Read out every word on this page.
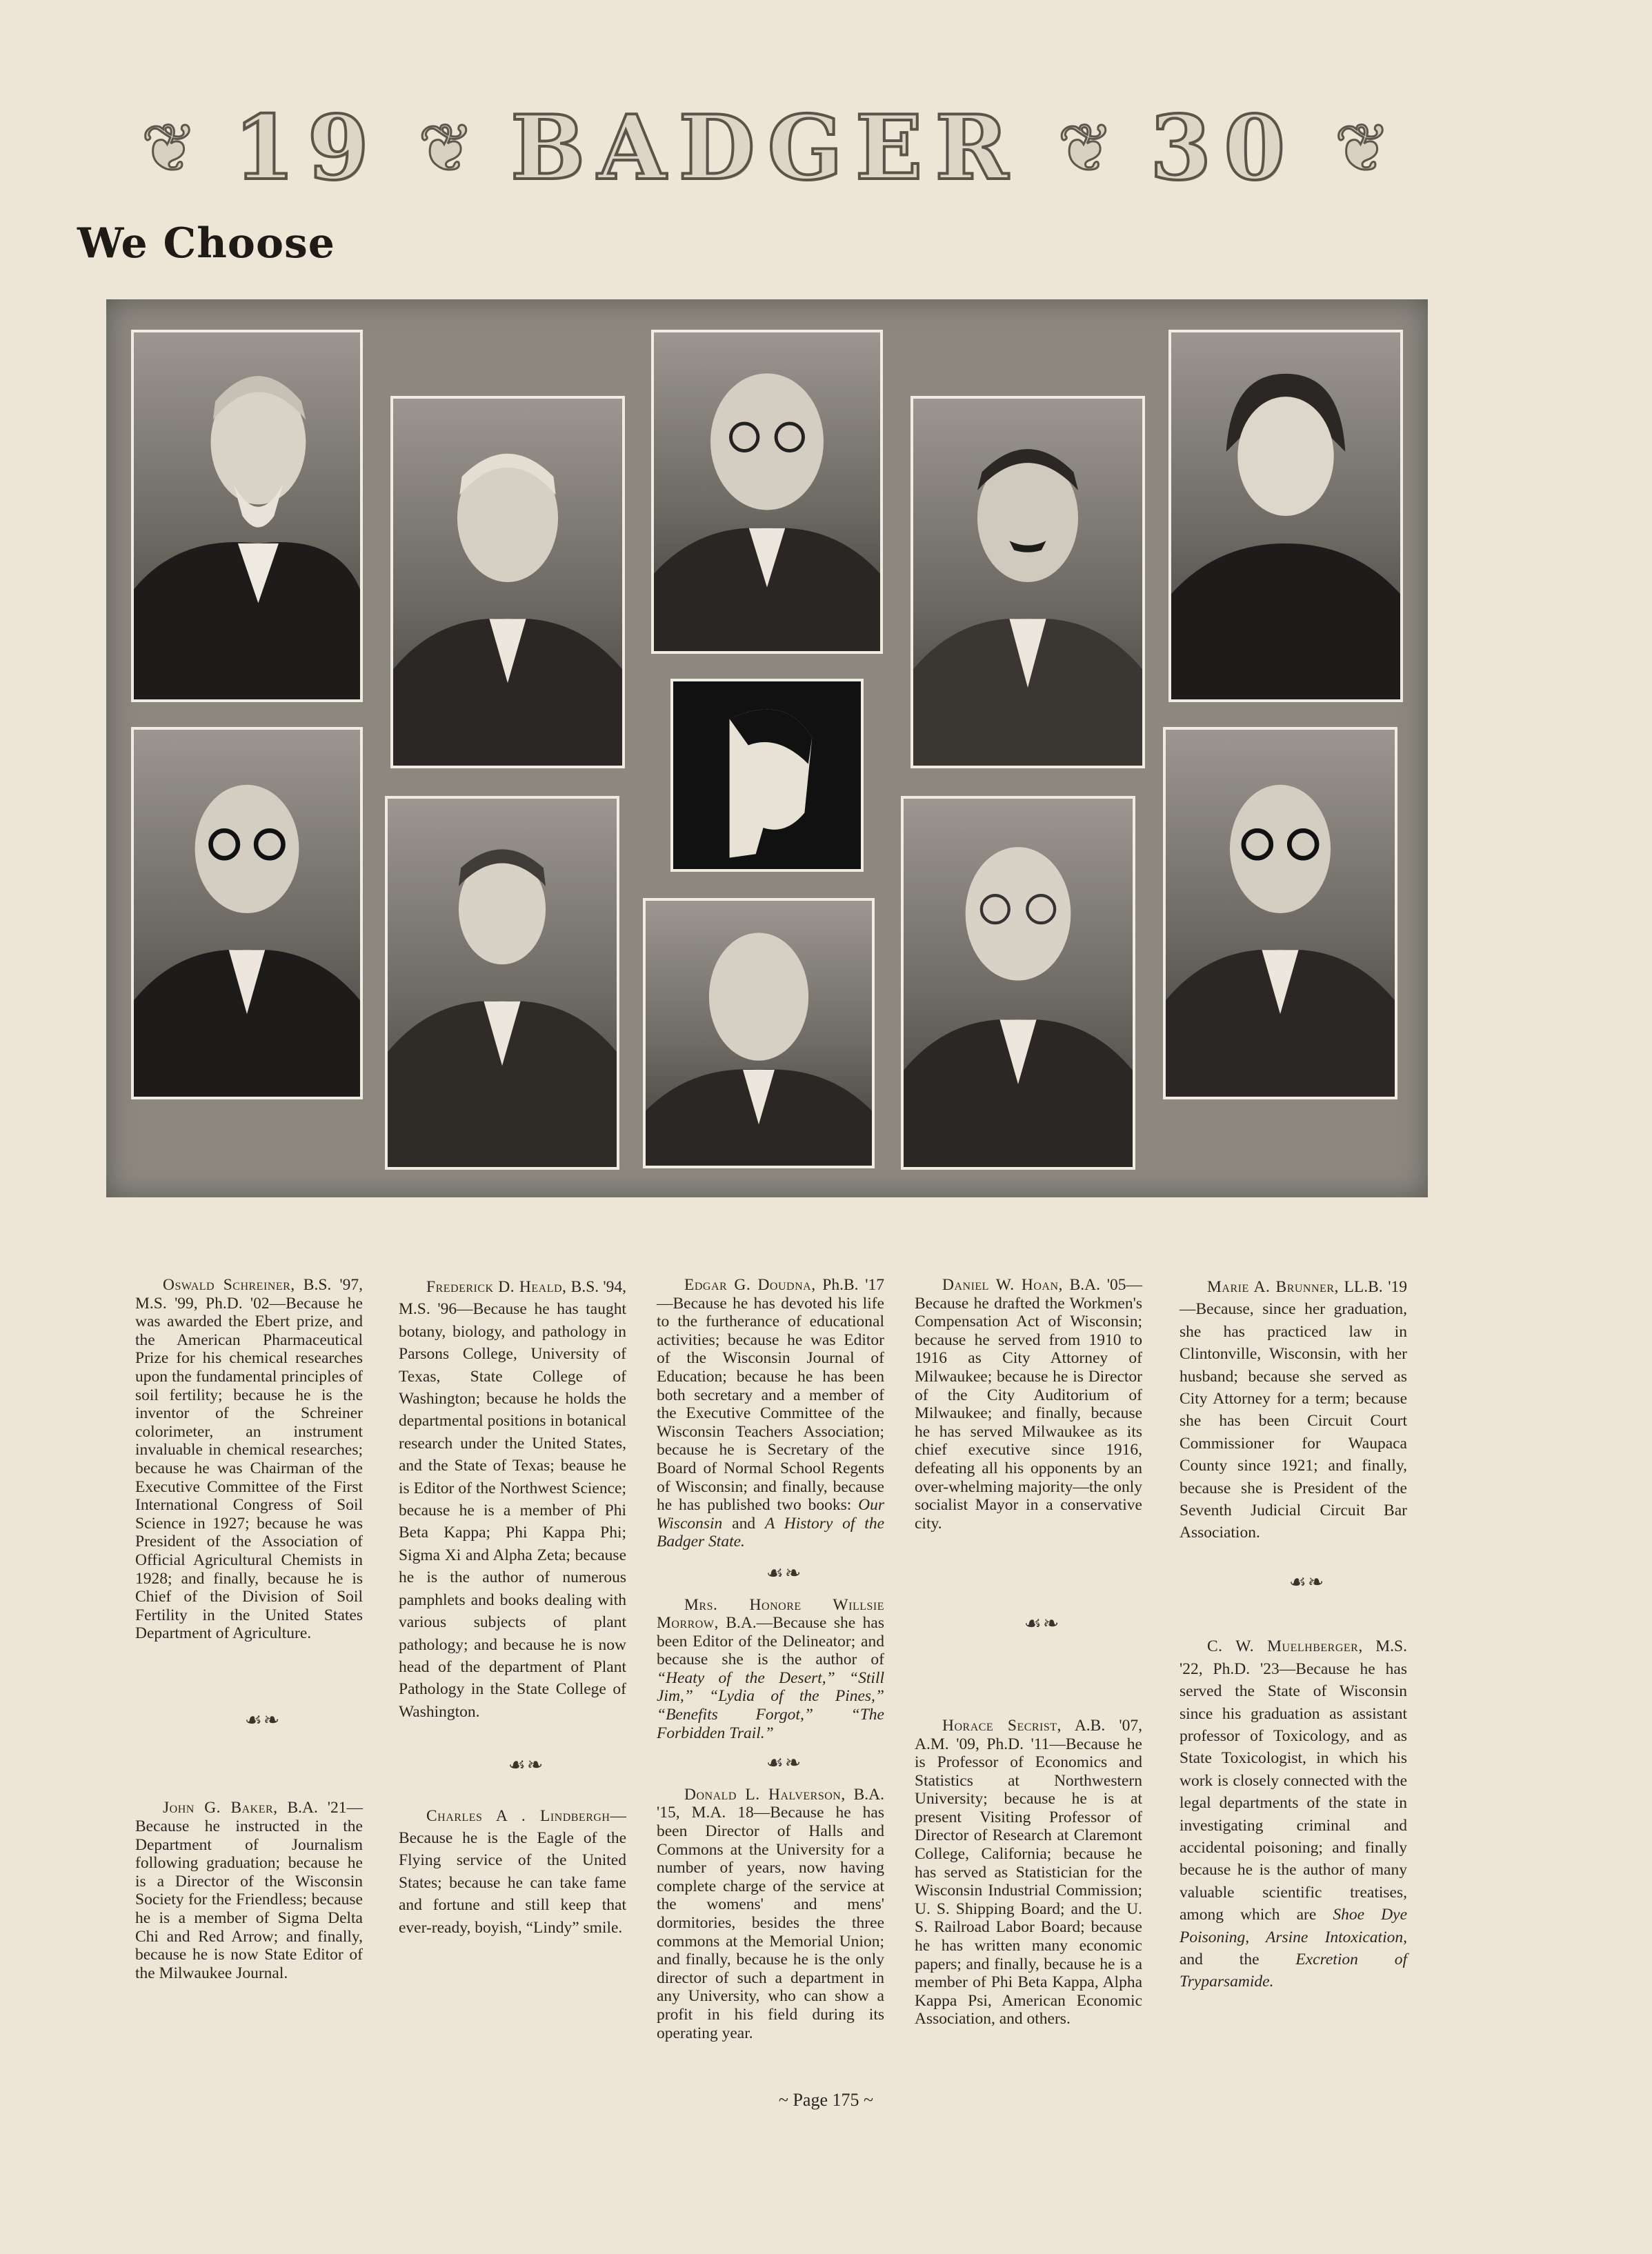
❦ 19 ❦ BADGER ❦ 30 ❦
We Choose

Oswald Schreiner, B.S. '97, M.S. '99, Ph.D. '02—Because he was awarded the Ebert prize, and the American Pharmaceutical Prize for his chemical researches upon the fundamental principles of soil fertility; because he is the inventor of the Schreiner colorimeter, an instrument invaluable in chemical researches; because he was Chairman of the Executive Committee of the First International Congress of Soil Science in 1927; because he was President of the Association of Official Agricultural Chemists in 1928; and finally, because he is Chief of the Division of Soil Fertility in the United States Department of Agriculture.

☙❧

John G. Baker, B.A. '21—Because he instructed in the Department of Journalism following graduation; because he is a Director of the Wisconsin Society for the Friendless; because he is a member of Sigma Delta Chi and Red Arrow; and finally, because he is now State Editor of the Milwaukee Journal.

Frederick D. Heald, B.S. '94, M.S. '96—Because he has taught botany, biology, and pathology in Parsons College, University of Texas, State College of Washington; because he holds the departmental positions in botanical research under the United States, and the State of Texas; beause he is Editor of the Northwest Science; because he is a member of Phi Beta Kappa; Phi Kappa Phi; Sigma Xi and Alpha Zeta; because he is the author of numerous pamphlets and books dealing with various subjects of plant pathology; and because he is now head of the department of Plant Pathology in the State College of Washington.

☙❧

Charles A . Lindbergh—Because he is the Eagle of the Flying service of the United States; because he can take fame and fortune and still keep that ever-ready, boyish, “Lindy” smile.

Edgar G. Doudna, Ph.B. '17—Because he has devoted his life to the furtherance of educational activities; because he was Editor of the Wisconsin Journal of Education; because he has been both secretary and a member of the Executive Committee of the Wisconsin Teachers Association; because he is Secretary of the Board of Normal School Regents of Wisconsin; and finally, because he has published two books: Our Wisconsin and A History of the Badger State.

☙❧

Mrs. Honore Willsie Morrow, B.A.—Because she has been Editor of the Delineator; and because she is the author of “Heaty of the Desert,” “Still Jim,” “Lydia of the Pines,” “Benefits Forgot,” “The Forbidden Trail.”

☙❧

Donald L. Halverson, B.A. '15, M.A. 18—Because he has been Director of Halls and Commons at the University for a number of years, now having complete charge of the service at the womens' and mens' dormitories, besides the three commons at the Memorial Union; and finally, because he is the only director of such a department in any University, who can show a profit in his field during its operating year.

Daniel W. Hoan, B.A. '05—Because he drafted the Workmen's Compensation Act of Wisconsin; because he served from 1910 to 1916 as City Attorney of Milwaukee; because he is Director of the City Auditorium of Milwaukee; and finally, because he has served Milwaukee as its chief executive since 1916, defeating all his opponents by an over-whelming majority—the only socialist Mayor in a conservative city.

☙❧

Horace Secrist, A.B. '07, A.M. '09, Ph.D. '11—Because he is Professor of Economics and Statistics at Northwestern University; because he is at present Visiting Professor of Director of Research at Claremont College, California; because he has served as Statistician for the Wisconsin Industrial Commission; U. S. Shipping Board; and the U. S. Railroad Labor Board; because he has written many economic papers; and finally, because he is a member of Phi Beta Kappa, Alpha Kappa Psi, American Economic Association, and others.

Marie A. Brunner, LL.B. '19—Because, since her graduation, she has practiced law in Clintonville, Wisconsin, with her husband; because she served as City Attorney for a term; because she has been Circuit Court Commissioner for Waupaca County since 1921; and finally, because she is President of the Seventh Judicial Circuit Bar Association.

☙❧

C. W. Muelhberger, M.S. '22, Ph.D. '23—Because he has served the State of Wisconsin since his graduation as assistant professor of Toxicology, and as State Toxicologist, in which his work is closely connected with the legal departments of the state in investigating criminal and accidental poisoning; and finally because he is the author of many valuable scientific treatises, among which are Shoe Dye Poisoning, Arsine Intoxication, and the Excretion of Tryparsamide.

~ Page 175 ~
